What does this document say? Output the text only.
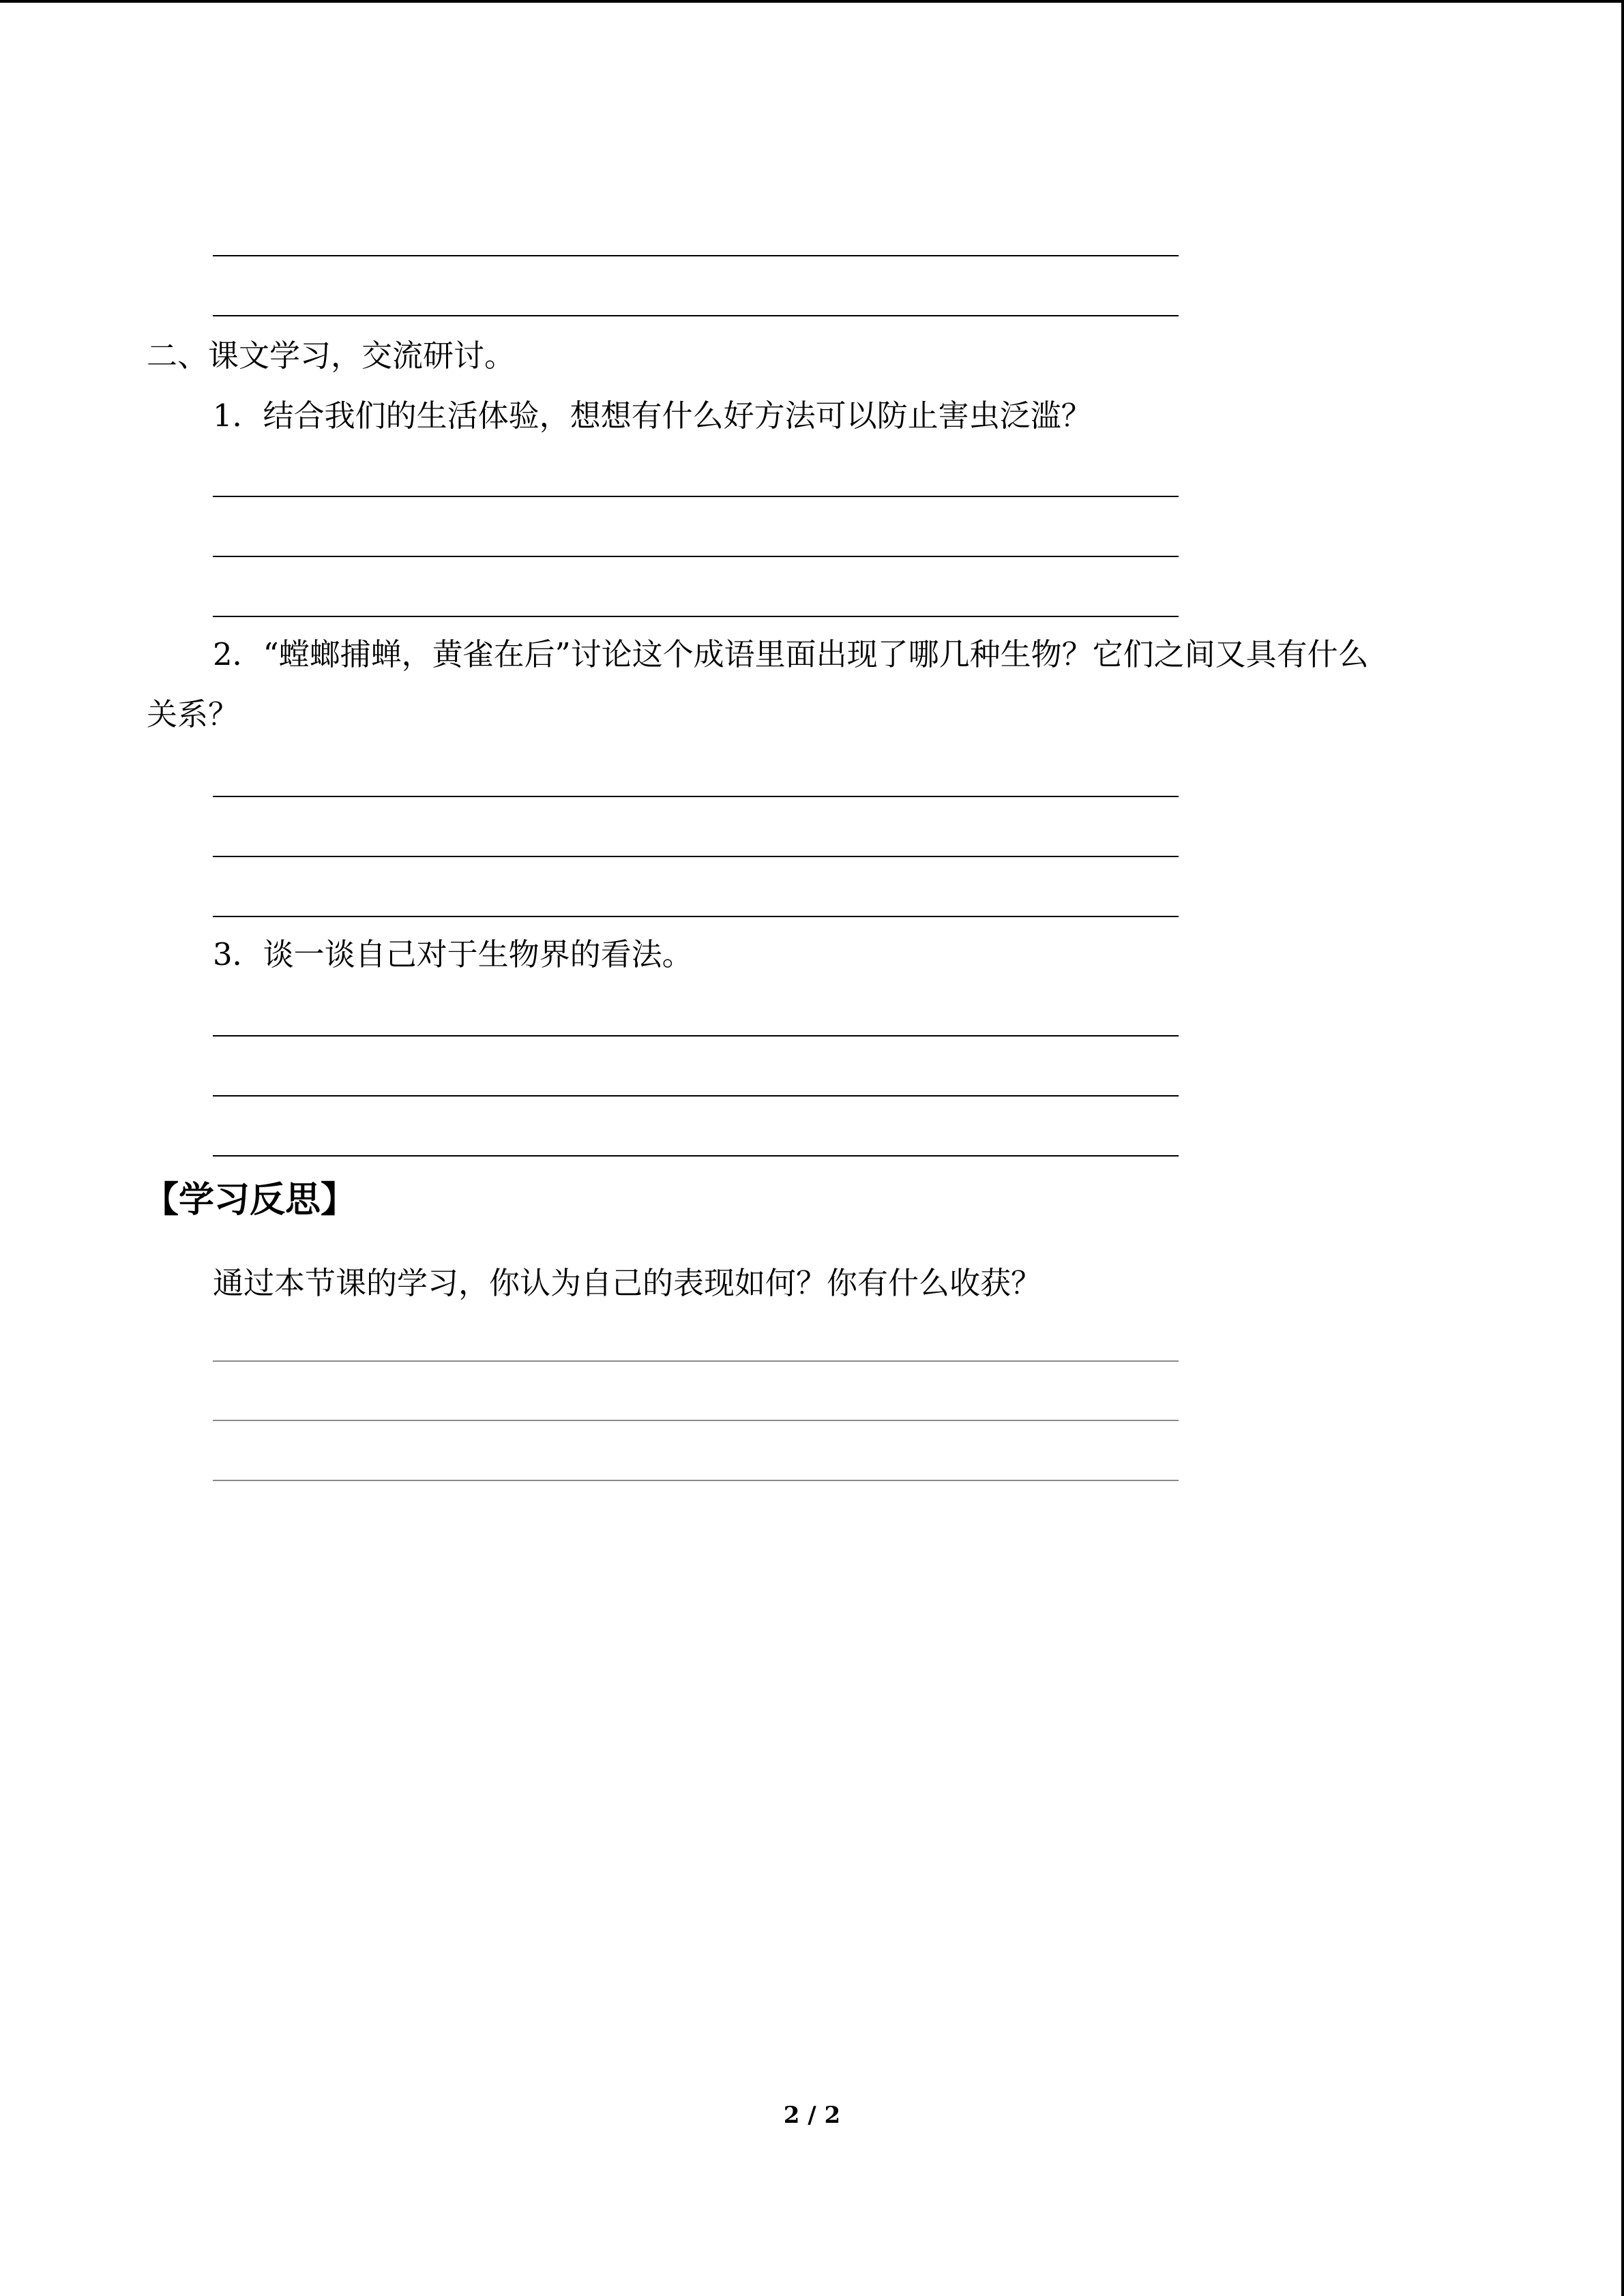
二、课文学习，交流研讨。
1．结合我们的生活体验，想想有什么好方法可以防止害虫泛滥？
2．“螳螂捕蝉，黄雀在后”讨论这个成语里面出现了哪几种生物？它们之间又具有什么
关系？
3．谈一谈自己对于生物界的看法。
【学习反思】
通过本节课的学习，你认为自己的表现如何？你有什么收获？
2 / 2
